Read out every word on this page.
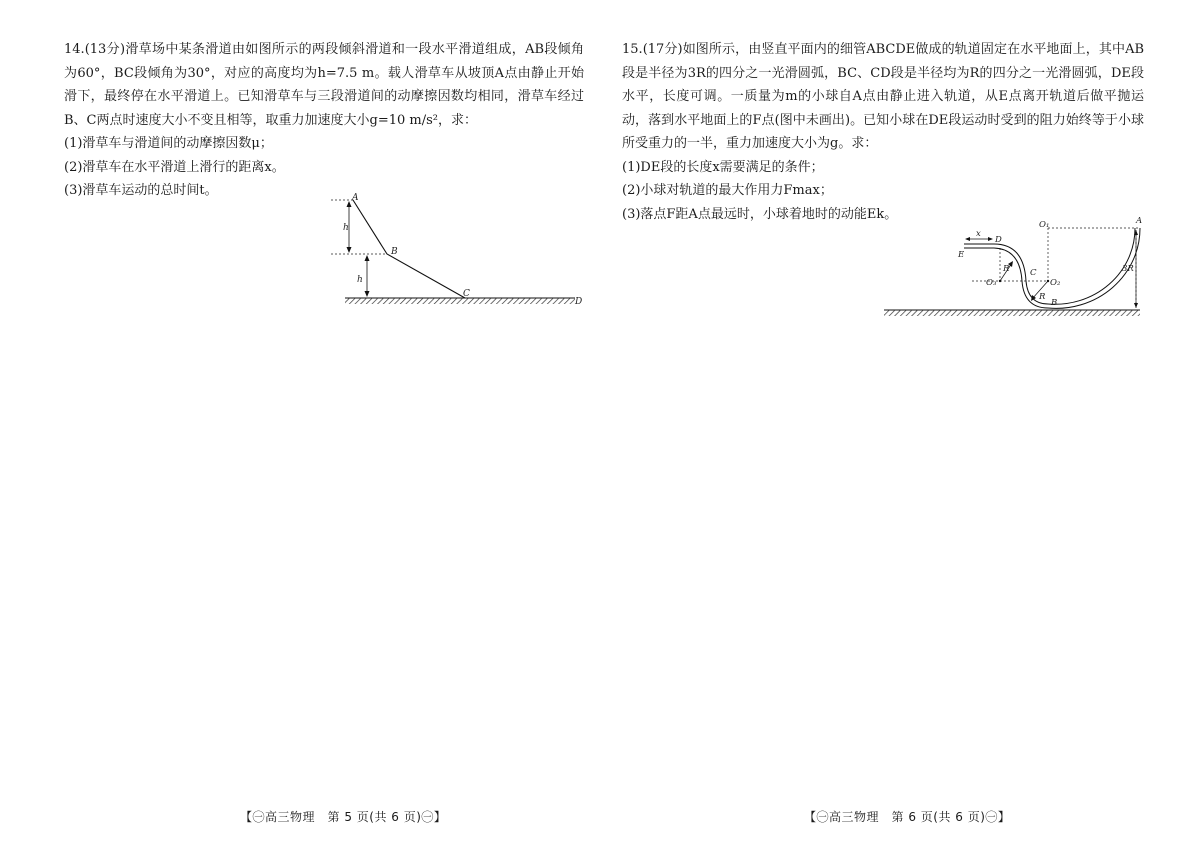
14.(13分)滑草场中某条滑道由如图所示的两段倾斜滑道和一段水平滑道组成，AB段倾角为60°，BC段倾角为30°，对应的高度均为h=7.5 m。载人滑草车从坡顶A点由静止开始滑下，最终停在水平滑道上。已知滑草车与三段滑道间的动摩擦因数均相同，滑草车经过B、C两点时速度大小不变且相等，取重力加速度大小g=10 m/s²，求：
(1)滑草车与滑道间的动摩擦因数μ；
(2)滑草车在水平滑道上滑行的距离x。
(3)滑草车运动的总时间t。	A
h
B
h
C
D
【㊀高三物理　第 5 页(共 6 页)㊀】
15.(17分)如图所示，由竖直平面内的细管ABCDE做成的轨道固定在水平地面上，其中AB段是半径为3R的四分之一光滑圆弧，BC、CD段是半径均为R的四分之一光滑圆弧，DE段水平，长度可调。一质量为m的小球自A点由静止进入轨道，从E点离开轨道后做平抛运动，落到水平地面上的F点(图中未画出)。已知小球在DE段运动时受到的阻力始终等于小球所受重力的一半，重力加速度大小为g。求：
(1)DE段的长度x需要满足的条件；
(2)小球对轨道的最大作用力Fmax；
(3)落点F距A点最远时，小球着地时的动能Ek。	A
O₁
x
D
E
R C
O₃	O₂
R
B
3R
【㊀高三物理　第 6 页(共 6 页)㊀】
